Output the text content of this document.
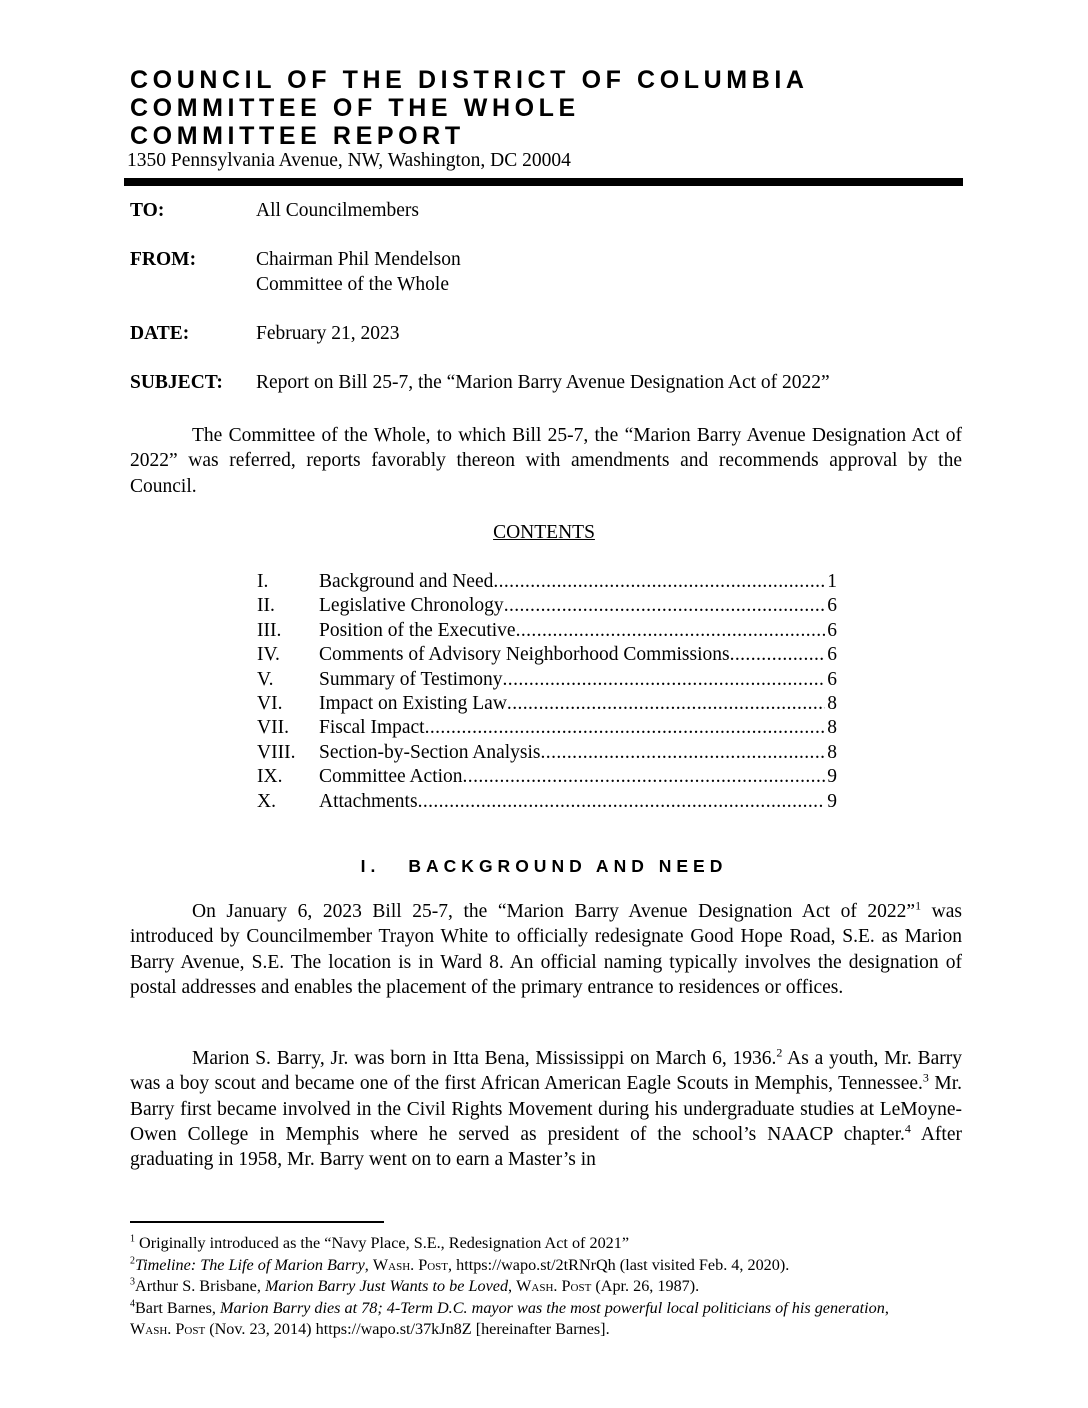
COUNCIL OF THE DISTRICT OF COLUMBIA
COMMITTEE OF THE WHOLE
COMMITTEE REPORT
1350 Pennsylvania Avenue, NW, Washington, DC 20004
TO:	All Councilmembers
FROM:	Chairman Phil Mendelson
Committee of the Whole
DATE:	February 21, 2023
SUBJECT: Report on Bill 25-7, the “Marion Barry Avenue Designation Act of 2022”
The Committee of the Whole, to which Bill 25-7, the “Marion Barry Avenue Designation Act of 2022” was referred, reports favorably thereon with amendments and recommends approval by the Council.
CONTENTS
I.	Background and Need .....	1
II.	Legislative Chronology .....	6
III.	Position of the Executive .....	6
IV.	Comments of Advisory Neighborhood Commissions .....	6
V.	Summary of Testimony .....	6
VI.	Impact on Existing Law .....	8
VII.	Fiscal Impact .....	8
VIII.	Section-by-Section Analysis .....	8
IX.	Committee Action .....	9
X.	Attachments .....	9
I. BACKGROUND AND NEED
On January 6, 2023 Bill 25-7, the “Marion Barry Avenue Designation Act of 2022”$^1$ was introduced by Councilmember Trayon White to officially redesignate Good Hope Road, S.E. as Marion Barry Avenue, S.E. The location is in Ward 8. An official naming typically involves the designation of postal addresses and enables the placement of the primary entrance to residences or offices.
Marion S. Barry, Jr. was born in Itta Bena, Mississippi on March 6, 1936.$^2$ As a youth, Mr. Barry was a boy scout and became one of the first African American Eagle Scouts in Memphis, Tennessee.$^3$ Mr. Barry first became involved in the Civil Rights Movement during his undergraduate studies at LeMoyne-Owen College in Memphis where he served as president of the school’s NAACP chapter.$^4$ After graduating in 1958, Mr. Barry went on to earn a Master’s in
$^1$ Originally introduced as the “Navy Place, S.E., Redesignation Act of 2021”
$^2$Timeline: The Life of Marion Barry, Wash. Post, https://wapo.st/2tRNrQh (last visited Feb. 4, 2020).
$^3$Arthur S. Brisbane, Marion Barry Just Wants to be Loved, Wash. Post (Apr. 26, 1987).
$^4$Bart Barnes, Marion Barry dies at 78; 4-Term D.C. mayor was the most powerful local politicians of his generation,
Wash. Post (Nov. 23, 2014) https://wapo.st/37kJn8Z [hereinafter Barnes].
